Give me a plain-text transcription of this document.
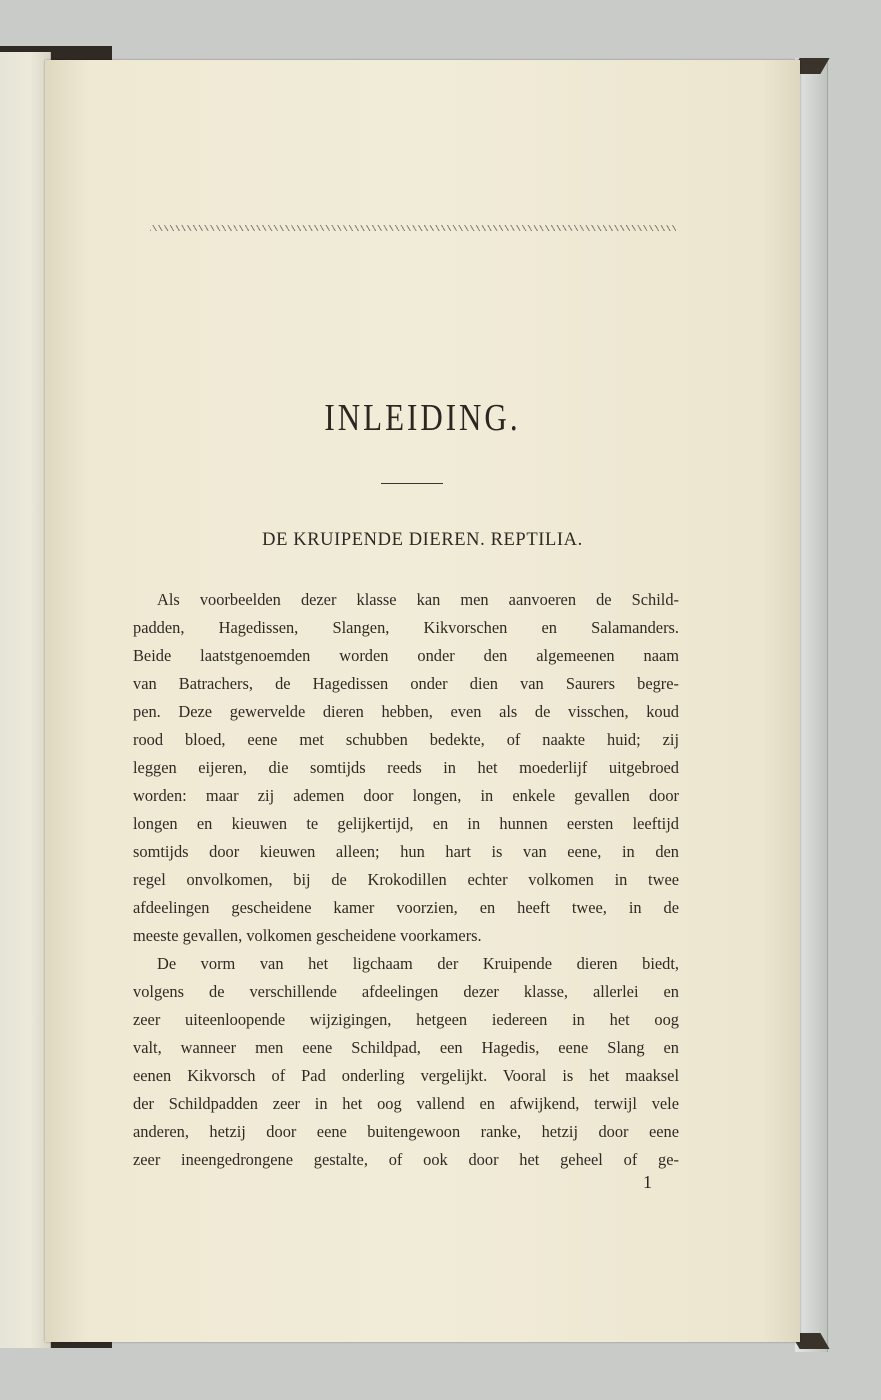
INLEIDING.
DE KRUIPENDE DIEREN. REPTILIA.

Als voorbeelden dezer klasse kan men aanvoeren de Schild-

padden, Hagedissen, Slangen, Kikvorschen en Salamanders.

Beide laatstgenoemden worden onder den algemeenen naam

van Batrachers, de Hagedissen onder dien van Saurers begre-

pen. Deze gewervelde dieren hebben, even als de visschen, koud

rood bloed, eene met schubben bedekte, of naakte huid; zij

leggen eijeren, die somtijds reeds in het moederlijf uitgebroed

worden: maar zij ademen door longen, in enkele gevallen door

longen en kieuwen te gelijkertijd, en in hunnen eersten leeftijd

somtijds door kieuwen alleen; hun hart is van eene, in den

regel onvolkomen, bij de Krokodillen echter volkomen in twee

afdeelingen gescheidene kamer voorzien, en heeft twee, in de

meeste gevallen, volkomen gescheidene voorkamers.

De vorm van het ligchaam der Kruipende dieren biedt,

volgens de verschillende afdeelingen dezer klasse, allerlei en

zeer uiteenloopende wijzigingen, hetgeen iedereen in het oog

valt, wanneer men eene Schildpad, een Hagedis, eene Slang en

eenen Kikvorsch of Pad onderling vergelijkt. Vooral is het maaksel

der Schildpadden zeer in het oog vallend en afwijkend, terwijl vele

anderen, hetzij door eene buitengewoon ranke, hetzij door eene

zeer ineengedrongene gestalte, of ook door het geheel of ge-

1
